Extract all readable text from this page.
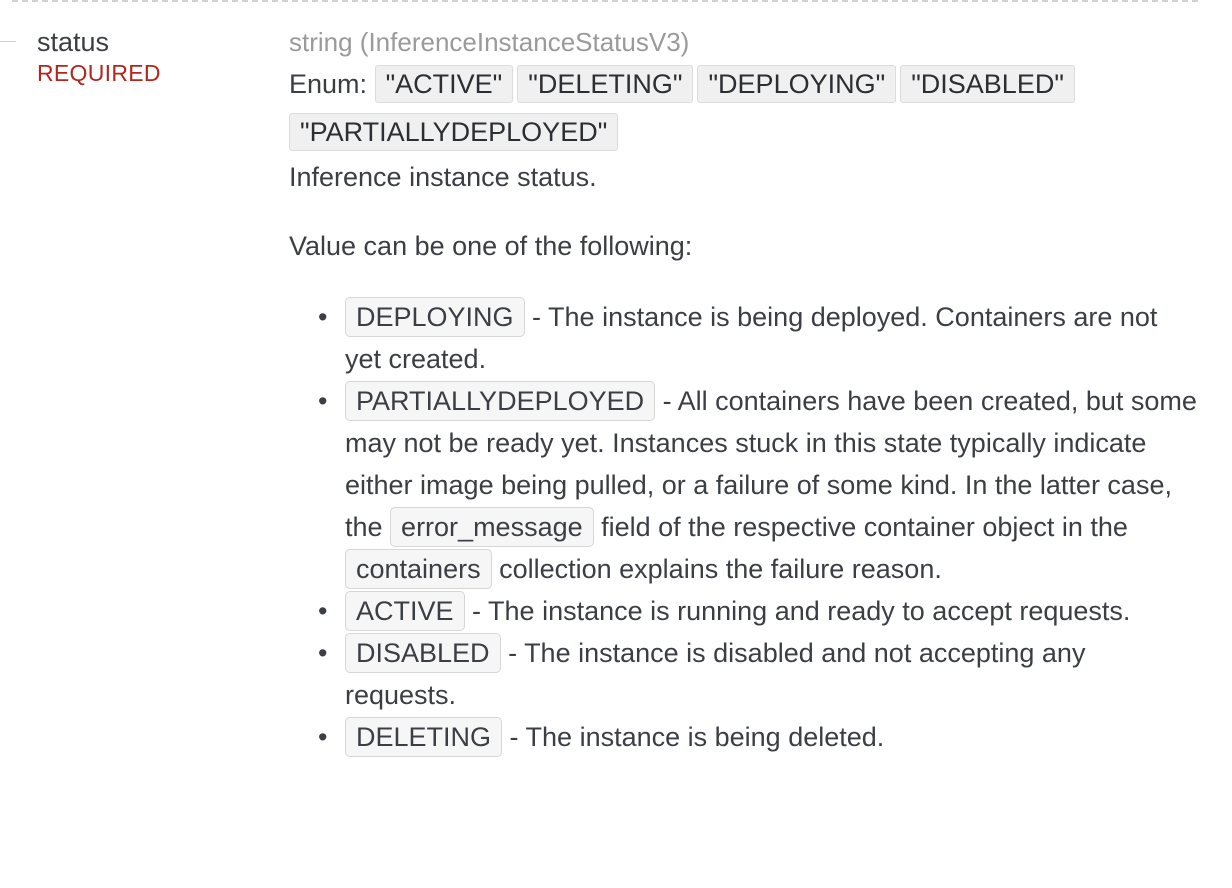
status
REQUIRED
string (InferenceInstanceStatusV3)
Enum: "ACTIVE" "DELETING" "DEPLOYING" "DISABLED" "PARTIALLYDEPLOYED"
Inference instance status.
Value can be one of the following:
• DEPLOYING - The instance is being deployed. Containers are not yet created.
• PARTIALLYDEPLOYED - All containers have been created, but some may not be ready yet. Instances stuck in this state typically indicate either image being pulled, or a failure of some kind. In the latter case, the error_message field of the respective container object in the containers collection explains the failure reason.
• ACTIVE - The instance is running and ready to accept requests.
• DISABLED - The instance is disabled and not accepting any requests.
• DELETING - The instance is being deleted.
